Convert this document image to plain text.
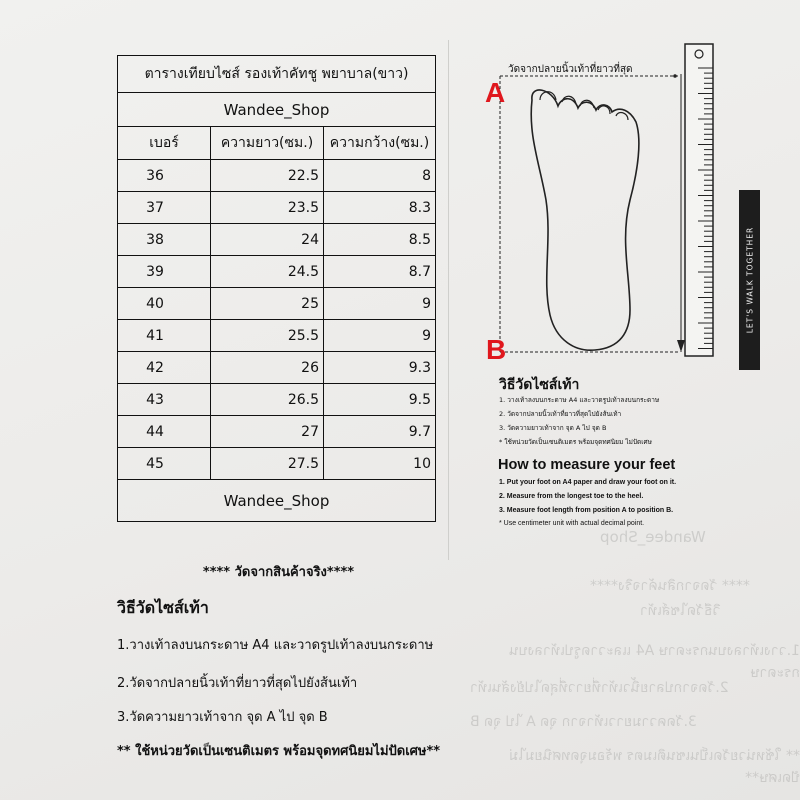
Wandee_Shop
**** วัดจากสินค้าจริง****
วิธีวัดไซส์เท้า
1.วางเท้าลงบนกระดาษ A4 และวาดรูปเท้าลงบนกระดาษ
2.วัดจากปลายนิ้วเท้าที่ยาวที่สุดไปยังส้นเท้า
3.วัดความยาวเท้าจาก จุด A ไป จุด B
** ใช้หน่วยวัดเป็นเซนติเมตร พร้อมจุดทศนิยมไม่ปัดเศษ**
ตารางเทียบไซส์ รองเท้าคัทชู พยาบาล(ขาว)		
Wandee_Shop		
เบอร์	ความยาว(ซม.)	ความกว้าง(ซม.)
36	22.5	8
37	23.5	8.3
38	24	8.5
39	24.5	8.7
40	25	9
41	25.5	9
42	26	9.3
43	26.5	9.5
44	27	9.7
45	27.5	10
Wandee_Shop		
**** วัดจากสินค้าจริง****
วิธีวัดไซส์เท้า
1.วางเท้าลงบนกระดาษ A4 และวาดรูปเท้าลงบนกระดาษ
2.วัดจากปลายนิ้วเท้าที่ยาวที่สุดไปยังส้นเท้า
3.วัดความยาวเท้าจาก จุด A ไป จุด B
** ใช้หน่วยวัดเป็นเซนติเมตร พร้อมจุดทศนิยมไม่ปัดเศษ**
วัดจากปลายนิ้วเท้าที่ยาวที่สุด
A
B
LET'S WALK TOGETHER
วิธีวัดไซส์เท้า
1. วางเท้าลงบนกระดาษ A4 และวาดรูปเท้าลงบนกระดาษ
2. วัดจากปลายนิ้วเท้าที่ยาวที่สุดไปยังส้นเท้า
3. วัดความยาวเท้าจาก จุด A ไป จุด B
* ใช้หน่วยวัดเป็นเซนติเมตร พร้อมจุดทศนิยม ไม่ปัดเศษ
How to measure your feet
1. Put your foot on A4 paper and draw your foot on it.
2. Measure from the longest toe to the heel.
3. Measure foot length from position A to position B.
* Use centimeter unit with actual decimal point.
